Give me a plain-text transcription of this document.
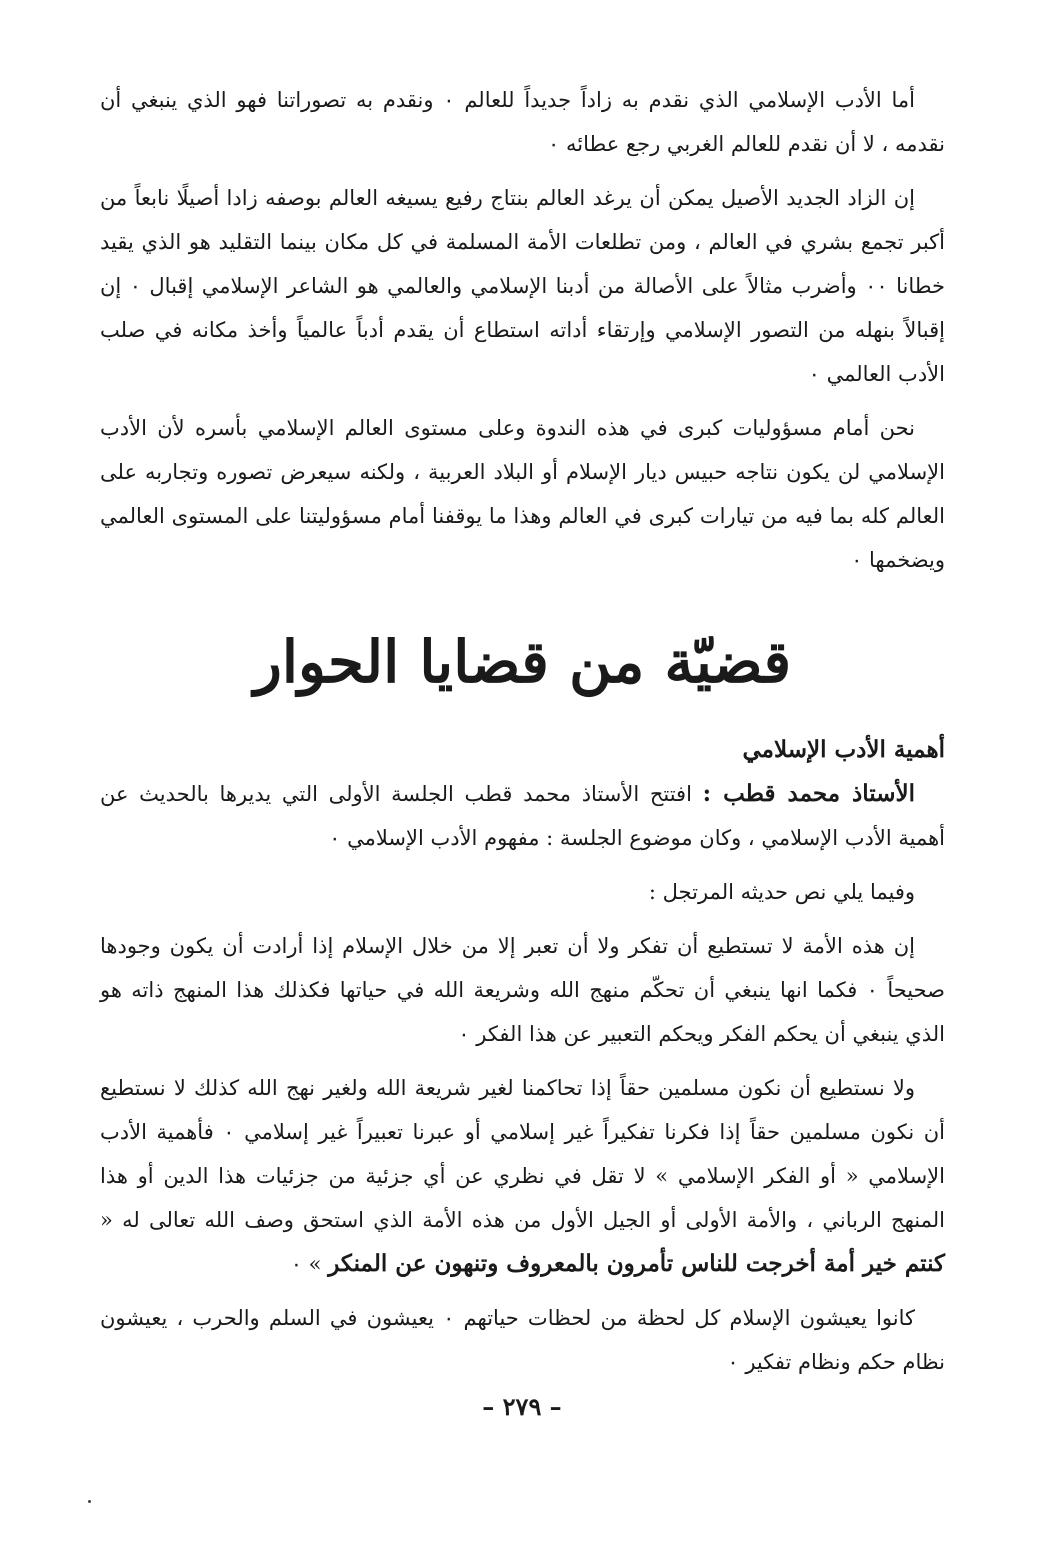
أما الأدب الإسلامي الذي نقدم به زاداً جديداً للعالم ٠ ونقدم به تصوراتنا فهو الذي ينبغي أن نقدمه ، لا أن نقدم للعالم الغربي رجع عطائه ٠

إن الزاد الجديد الأصيل يمكن أن يرغد العالم بنتاج رفيع يسيغه العالم بوصفه زادا أصيلًا نابعاً من أكبر تجمع بشري في العالم ، ومن تطلعات الأمة المسلمة في كل مكان بينما التقليد هو الذي يقيد خطانا ٠٠ وأضرب مثالاً على الأصالة من أدبنا الإسلامي والعالمي هو الشاعر الإسلامي إقبال ٠ إن إقبالاً بنهله من التصور الإسلامي وإرتقاء أداته استطاع أن يقدم أدباً عالمياً وأخذ مكانه في صلب الأدب العالمي ٠

نحن أمام مسؤوليات كبرى في هذه الندوة وعلى مستوى العالم الإسلامي بأسره لأن الأدب الإسلامي لن يكون نتاجه حبيس ديار الإسلام أو البلاد العربية ، ولكنه سيعرض تصوره وتجاربه على العالم كله بما فيه من تيارات كبرى في العالم وهذا ما يوقفنا أمام مسؤوليتنا على المستوى العالمي ويضخمها ٠

قضيّة من قضايا الحوار
أهمية الأدب الإسلامي

الأستاذ محمد قطب : افتتح الأستاذ محمد قطب الجلسة الأولى التي يديرها بالحديث عن أهمية الأدب الإسلامي ، وكان موضوع الجلسة : مفهوم الأدب الإسلامي ٠

وفيما يلي نص حديثه المرتجل :

إن هذه الأمة لا تستطيع أن تفكر ولا أن تعبر إلا من خلال الإسلام إذا أرادت أن يكون وجودها صحيحاً ٠ فكما انها ينبغي أن تحكّم منهج الله وشريعة الله في حياتها فكذلك هذا المنهج ذاته هو الذي ينبغي أن يحكم الفكر ويحكم التعبير عن هذا الفكر ٠

ولا نستطيع أن نكون مسلمين حقاً إذا تحاكمنا لغير شريعة الله ولغير نهج الله كذلك لا نستطيع أن نكون مسلمين حقاً إذا فكرنا تفكيراً غير إسلامي أو عبرنا تعبيراً غير إسلامي ٠ فأهمية الأدب الإسلامي « أو الفكر الإسلامي » لا تقل في نظري عن أي جزئية من جزئيات هذا الدين أو هذا المنهج الرباني ، والأمة الأولى أو الجيل الأول من هذه الأمة الذي استحق وصف الله تعالى له « كنتم خير أمة أخرجت للناس تأمرون بالمعروف وتنهون عن المنكر » ٠

كانوا يعيشون الإسلام كل لحظة من لحظات حياتهم ٠ يعيشون في السلم والحرب ، يعيشون نظام حكم ونظام تفكير ٠

– ٢٧٩ –
